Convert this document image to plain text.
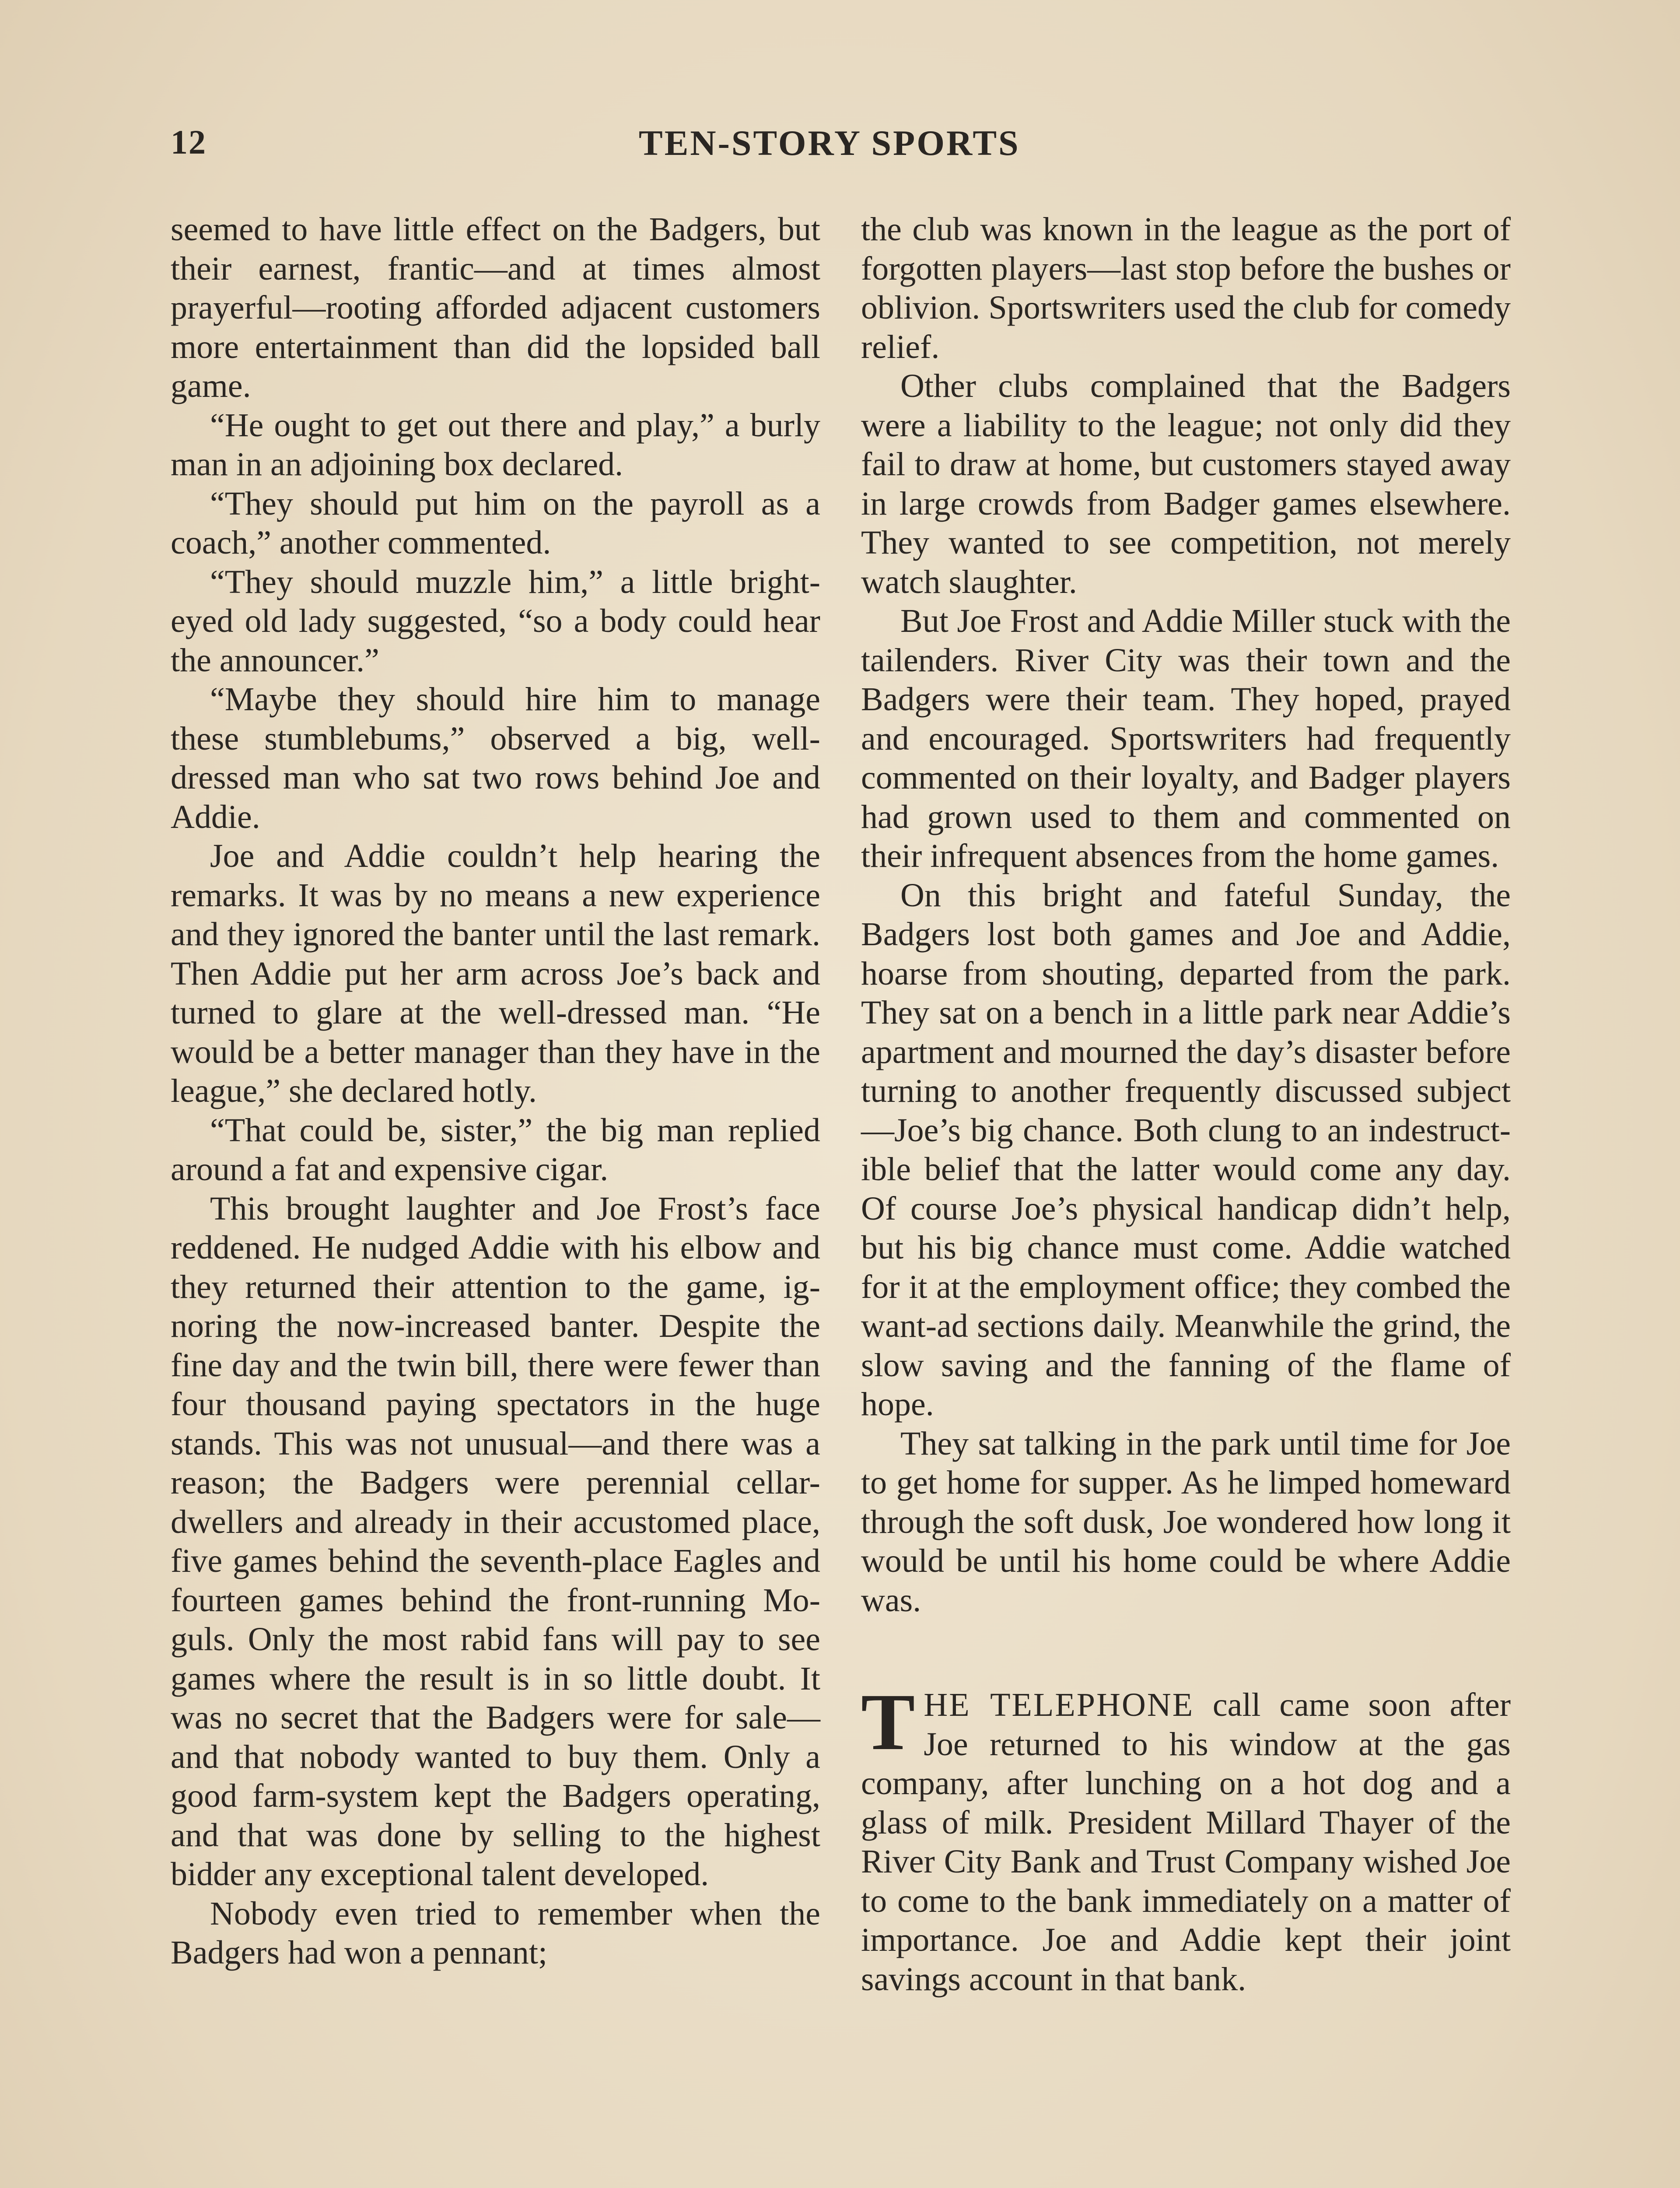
12	TEN-STORY SPORTS

seemed to have little effect on the Badgers, but their earnest, frantic—and at times almost prayerful—rooting afforded adjacent customers more entertainment than did the lopsided ball game.

“He ought to get out there and play,” a burly man in an adjoining box declared.

“They should put him on the payroll as a coach,” another commented.

“They should muzzle him,” a little bright-eyed old lady suggested, “so a body could hear the announcer.”

“Maybe they should hire him to manage these stumblebums,” observed a big, well-dressed man who sat two rows behind Joe and Addie.

Joe and Addie couldn’t help hearing the remarks. It was by no means a new experience and they ignored the banter until the last remark. Then Addie put her arm across Joe’s back and turned to glare at the well-dressed man. “He would be a better manager than they have in the league,” she declared hotly.

“That could be, sister,” the big man replied around a fat and expensive cigar.

This brought laughter and Joe Frost’s face reddened. He nudged Addie with his elbow and they returned their attention to the game, ignoring the now-increased banter. Despite the fine day and the twin bill, there were fewer than four thousand paying spectators in the huge stands. This was not unusual—and there was a reason; the Badgers were perennial cellar-dwellers and already in their accustomed place, five games behind the seventh-place Eagles and fourteen games behind the front-running Moguls. Only the most rabid fans will pay to see games where the result is in so little doubt. It was no secret that the Badgers were for sale—and that nobody wanted to buy them. Only a good farm-system kept the Badgers operating, and that was done by selling to the highest bidder any exceptional talent developed.

Nobody even tried to remember when the Badgers had won a pennant;

the club was known in the league as the port of forgotten players—last stop before the bushes or oblivion. Sportswriters used the club for comedy relief.

Other clubs complained that the Badgers were a liability to the league; not only did they fail to draw at home, but customers stayed away in large crowds from Badger games elsewhere. They wanted to see competition, not merely watch slaughter.

But Joe Frost and Addie Miller stuck with the tailenders. River City was their town and the Badgers were their team. They hoped, prayed and encouraged. Sportswriters had frequently commented on their loyalty, and Badger players had grown used to them and commented on their infrequent absences from the home games.

On this bright and fateful Sunday, the Badgers lost both games and Joe and Addie, hoarse from shouting, departed from the park. They sat on a bench in a little park near Addie’s apartment and mourned the day’s disaster before turning to another frequently discussed subject—Joe’s big chance. Both clung to an indestructible belief that the latter would come any day. Of course Joe’s physical handicap didn’t help, but his big chance must come. Addie watched for it at the employment office; they combed the want-ad sections daily. Meanwhile the grind, the slow saving and the fanning of the flame of hope.

They sat talking in the park until time for Joe to get home for supper. As he limped homeward through the soft dusk, Joe wondered how long it would be until his home could be where Addie was.

THE TELEPHONE call came soon after Joe returned to his window at the gas company, after lunching on a hot dog and a glass of milk. President Millard Thayer of the River City Bank and Trust Company wished Joe to come to the bank immediately on a matter of importance. Joe and Addie kept their joint savings account in that bank.
